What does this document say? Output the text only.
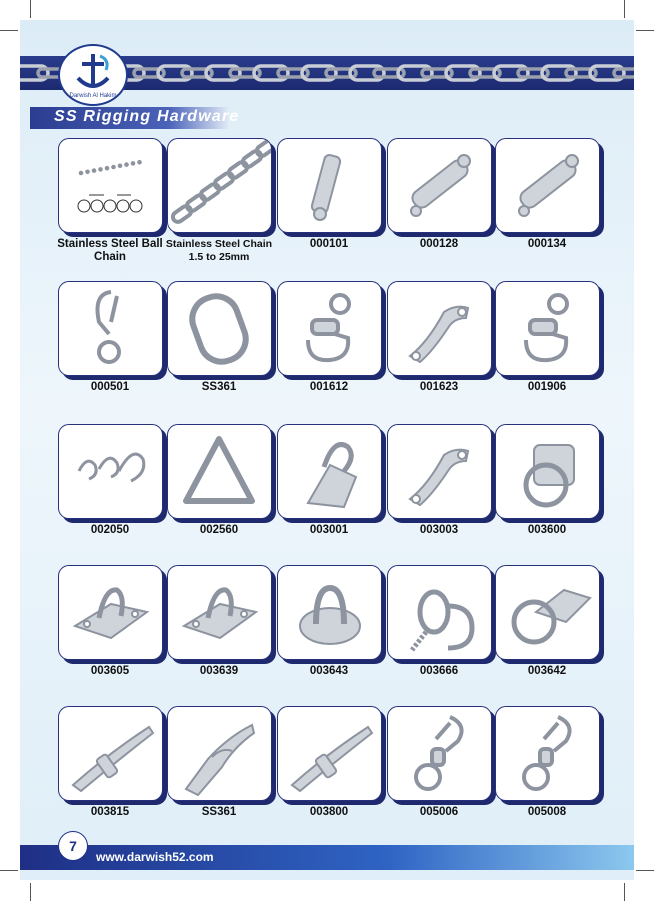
Darwish Al Hakim
SS Rigging Hardware
Stainless Steel Ball Chain
Stainless Steel Chain 1.5 to 25mm
000101	000128	000134
000501	SS361	001612	001623	001906
002050	002560	003001	003003	003600
003605	003639	003643	003666	003642
003815	SS361	003800	005006	005008
7
www.darwish52.com
